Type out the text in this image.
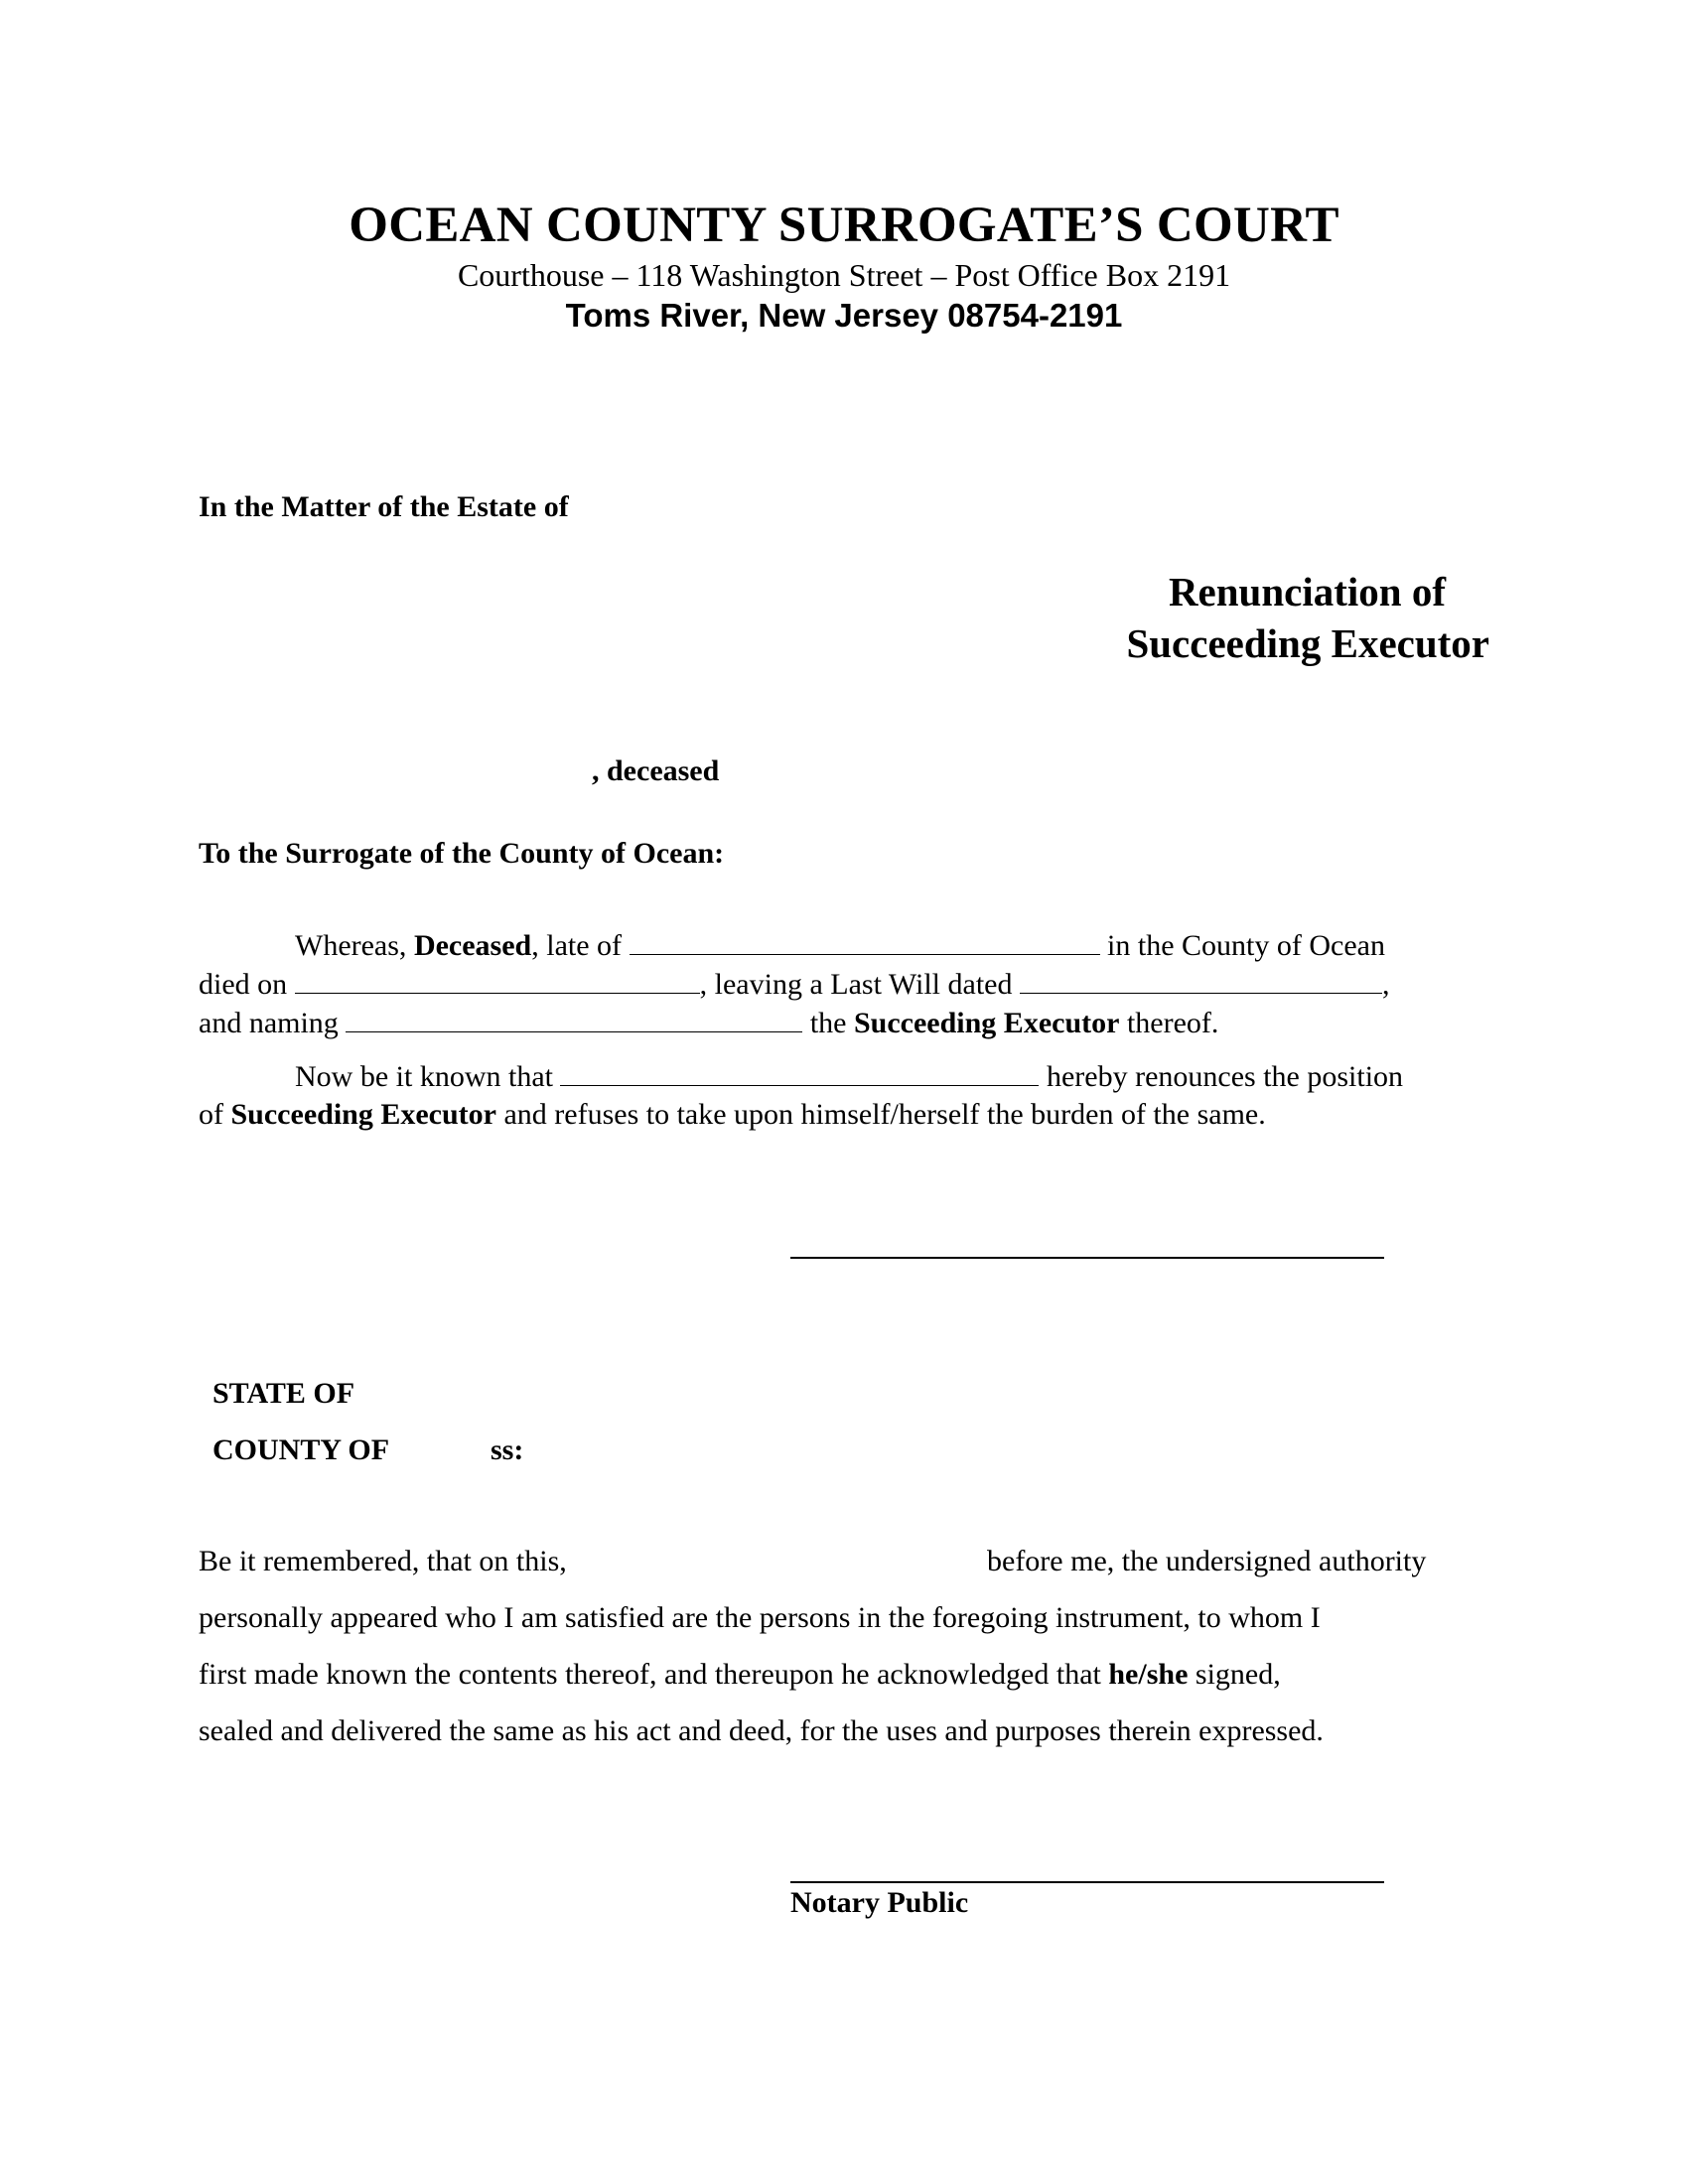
OCEAN COUNTY SURROGATE’S COURT
Courthouse – 118 Washington Street – Post Office Box 2191
Toms River, New Jersey 08754-2191
In the Matter of the Estate of
Renunciation of
Succeeding Executor
, deceased
To the Surrogate of the County of Ocean:
Whereas, Deceased, late of	in the County of Ocean
died on	, leaving a Last Will dated	,
and naming	the Succeeding Executor thereof.
Now be it known that	hereby renounces the position
of Succeeding Executor and refuses to take upon himself/herself the burden of the same.
STATE OF
COUNTY OF	ss:
Be it remembered, that on this,	before me, the undersigned authority
personally appeared who I am satisfied are the persons in the foregoing instrument, to whom I
first made known the contents thereof, and thereupon he acknowledged that he/she signed,
sealed and delivered the same as his act and deed, for the uses and purposes therein expressed.
Notary Public
